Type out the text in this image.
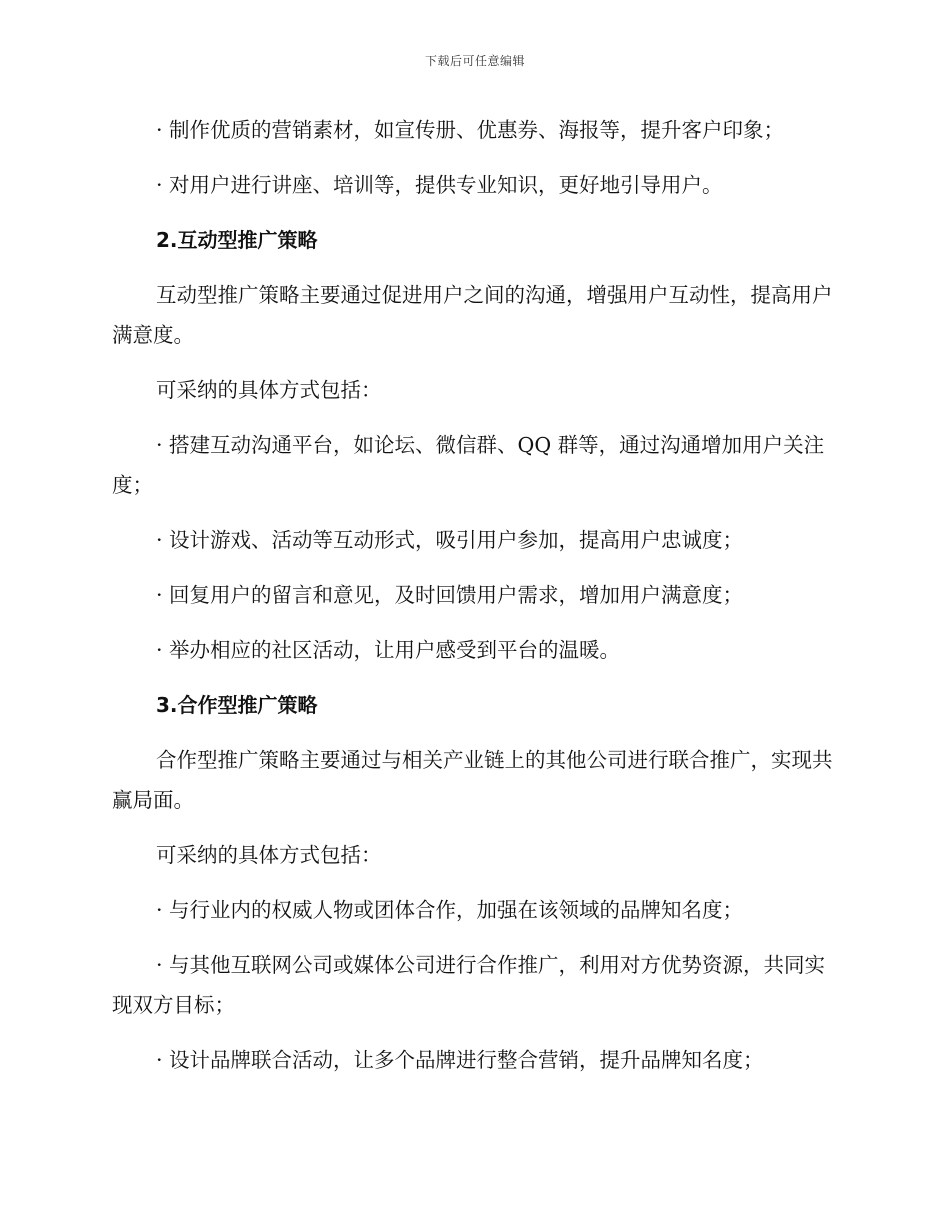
下载后可任意编辑

· 制作优质的营销素材，如宣传册、优惠券、海报等，提升客户印象；

· 对用户进行讲座、培训等，提供专业知识，更好地引导用户。

2.互动型推广策略

互动型推广策略主要通过促进用户之间的沟通，增强用户互动性，提高用户满意度。

可采纳的具体方式包括：

· 搭建互动沟通平台，如论坛、微信群、QQ 群等，通过沟通增加用户关注度；

· 设计游戏、活动等互动形式，吸引用户参加，提高用户忠诚度；

· 回复用户的留言和意见，及时回馈用户需求，增加用户满意度；

· 举办相应的社区活动，让用户感受到平台的温暖。

3.合作型推广策略

合作型推广策略主要通过与相关产业链上的其他公司进行联合推广，实现共赢局面。

可采纳的具体方式包括：

· 与行业内的权威人物或团体合作，加强在该领域的品牌知名度；

· 与其他互联网公司或媒体公司进行合作推广，利用对方优势资源，共同实现双方目标；

· 设计品牌联合活动，让多个品牌进行整合营销，提升品牌知名度；
